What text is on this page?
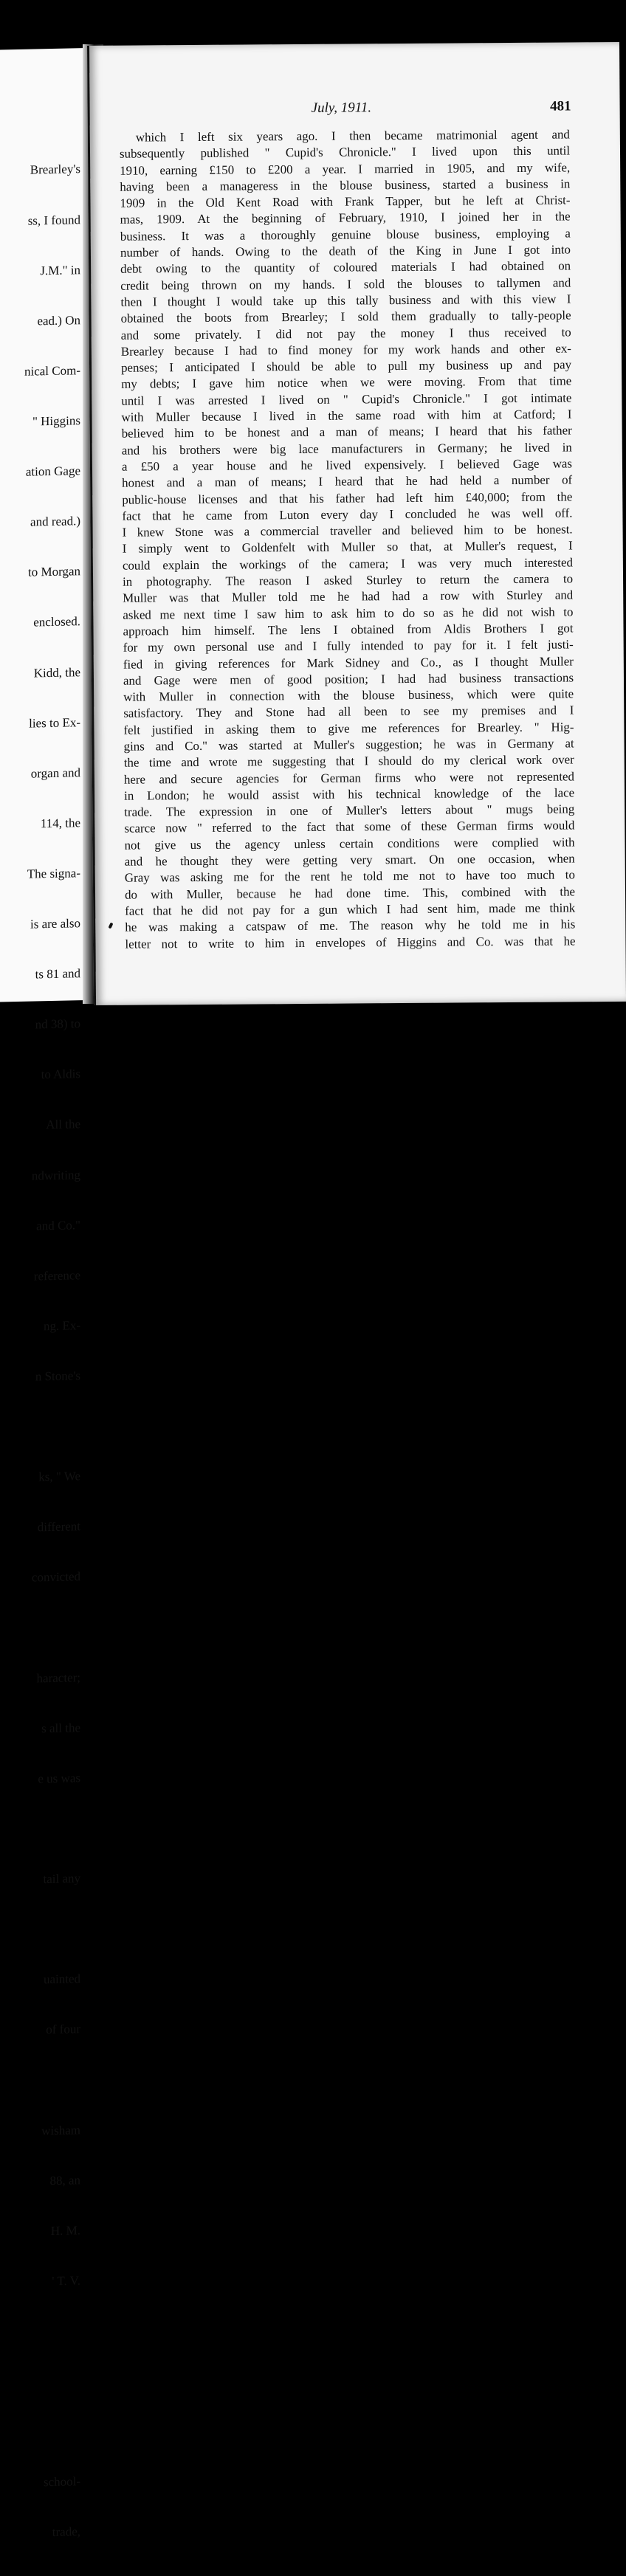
Brearley's

ss, I found

J.M." in

ead.) On

nical Com-

" Higgins

ation Gage

and read.)

to Morgan

enclosed.

Kidd, the

lies to Ex-

organ and

114, the

The signa-

is are also

ts 81 and

nd 38) to

to Aldis

All the

ndwriting

and Co."

reference

ng. Ex-

n Stone's

ks, " We

different

convicted

haracter;

s all the

e us was

tail any

uainted

of four

wisham

88, an

H. M.

' T. V.

school-

trade,

July, 1911.	481
which I left six years ago. I then became matrimonial agent and
subsequently published " Cupid's Chronicle." I lived upon this until
1910, earning £150 to £200 a year. I married in 1905, and my wife,
having been a manageress in the blouse business, started a business in
1909 in the Old Kent Road with Frank Tapper, but he left at Christ-
mas, 1909. At the beginning of February, 1910, I joined her in the
business. It was a thoroughly genuine blouse business, employing a
number of hands. Owing to the death of the King in June I got into
debt owing to the quantity of coloured materials I had obtained on
credit being thrown on my hands. I sold the blouses to tallymen and
then I thought I would take up this tally business and with this view I
obtained the boots from Brearley; I sold them gradually to tally-people
and some privately. I did not pay the money I thus received to
Brearley because I had to find money for my work hands and other ex-
penses; I anticipated I should be able to pull my business up and pay
my debts; I gave him notice when we were moving. From that time
until I was arrested I lived on " Cupid's Chronicle." I got intimate
with Muller because I lived in the same road with him at Catford; I
believed him to be honest and a man of means; I heard that his father
and his brothers were big lace manufacturers in Germany; he lived in
a £50 a year house and he lived expensively. I believed Gage was
honest and a man of means; I heard that he had held a number of
public-house licenses and that his father had left him £40,000; from the
fact that he came from Luton every day I concluded he was well off.
I knew Stone was a commercial traveller and believed him to be honest.
I simply went to Goldenfelt with Muller so that, at Muller's request, I
could explain the workings of the camera; I was very much interested
in photography. The reason I asked Sturley to return the camera to
Muller was that Muller told me he had had a row with Sturley and
asked me next time I saw him to ask him to do so as he did not wish to
approach him himself. The lens I obtained from Aldis Brothers I got
for my own personal use and I fully intended to pay for it. I felt justi-
fied in giving references for Mark Sidney and Co., as I thought Muller
and Gage were men of good position; I had had business transactions
with Muller in connection with the blouse business, which were quite
satisfactory. They and Stone had all been to see my premises and I
felt justified in asking them to give me references for Brearley. " Hig-
gins and Co." was started at Muller's suggestion; he was in Germany at
the time and wrote me suggesting that I should do my clerical work over
here and secure agencies for German firms who were not represented
in London; he would assist with his technical knowledge of the lace
trade. The expression in one of Muller's letters about " mugs being
scarce now " referred to the fact that some of these German firms would
not give us the agency unless certain conditions were complied with
and he thought they were getting very smart. On one occasion, when
Gray was asking me for the rent he told me not to have too much to
do with Muller, because he had done time. This, combined with the
fact that he did not pay for a gun which I had sent him, made me think
he was making a catspaw of me. The reason why he told me in his
letter not to write to him in envelopes of Higgins and Co. was that he
